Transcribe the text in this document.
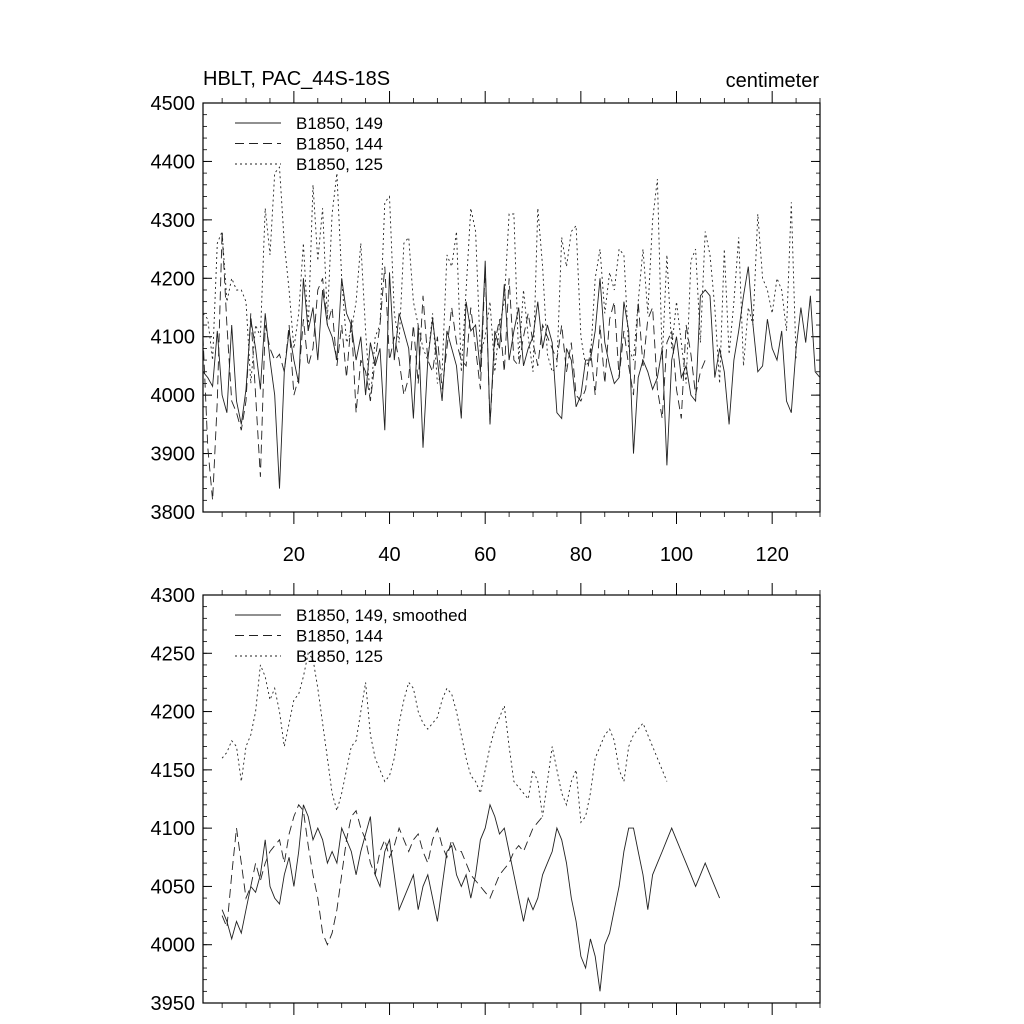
HBLT, PAC_44S-18S	centimeter
3800
3900
4000
4100
4200
4300
4400
4500
20	40	60	80	100	120
B1850, 149
B1850, 144
B1850, 125
3950
4000
4050
4100
4150
4200
4250
4300
B1850, 149, smoothed
B1850, 144
B1850, 125
